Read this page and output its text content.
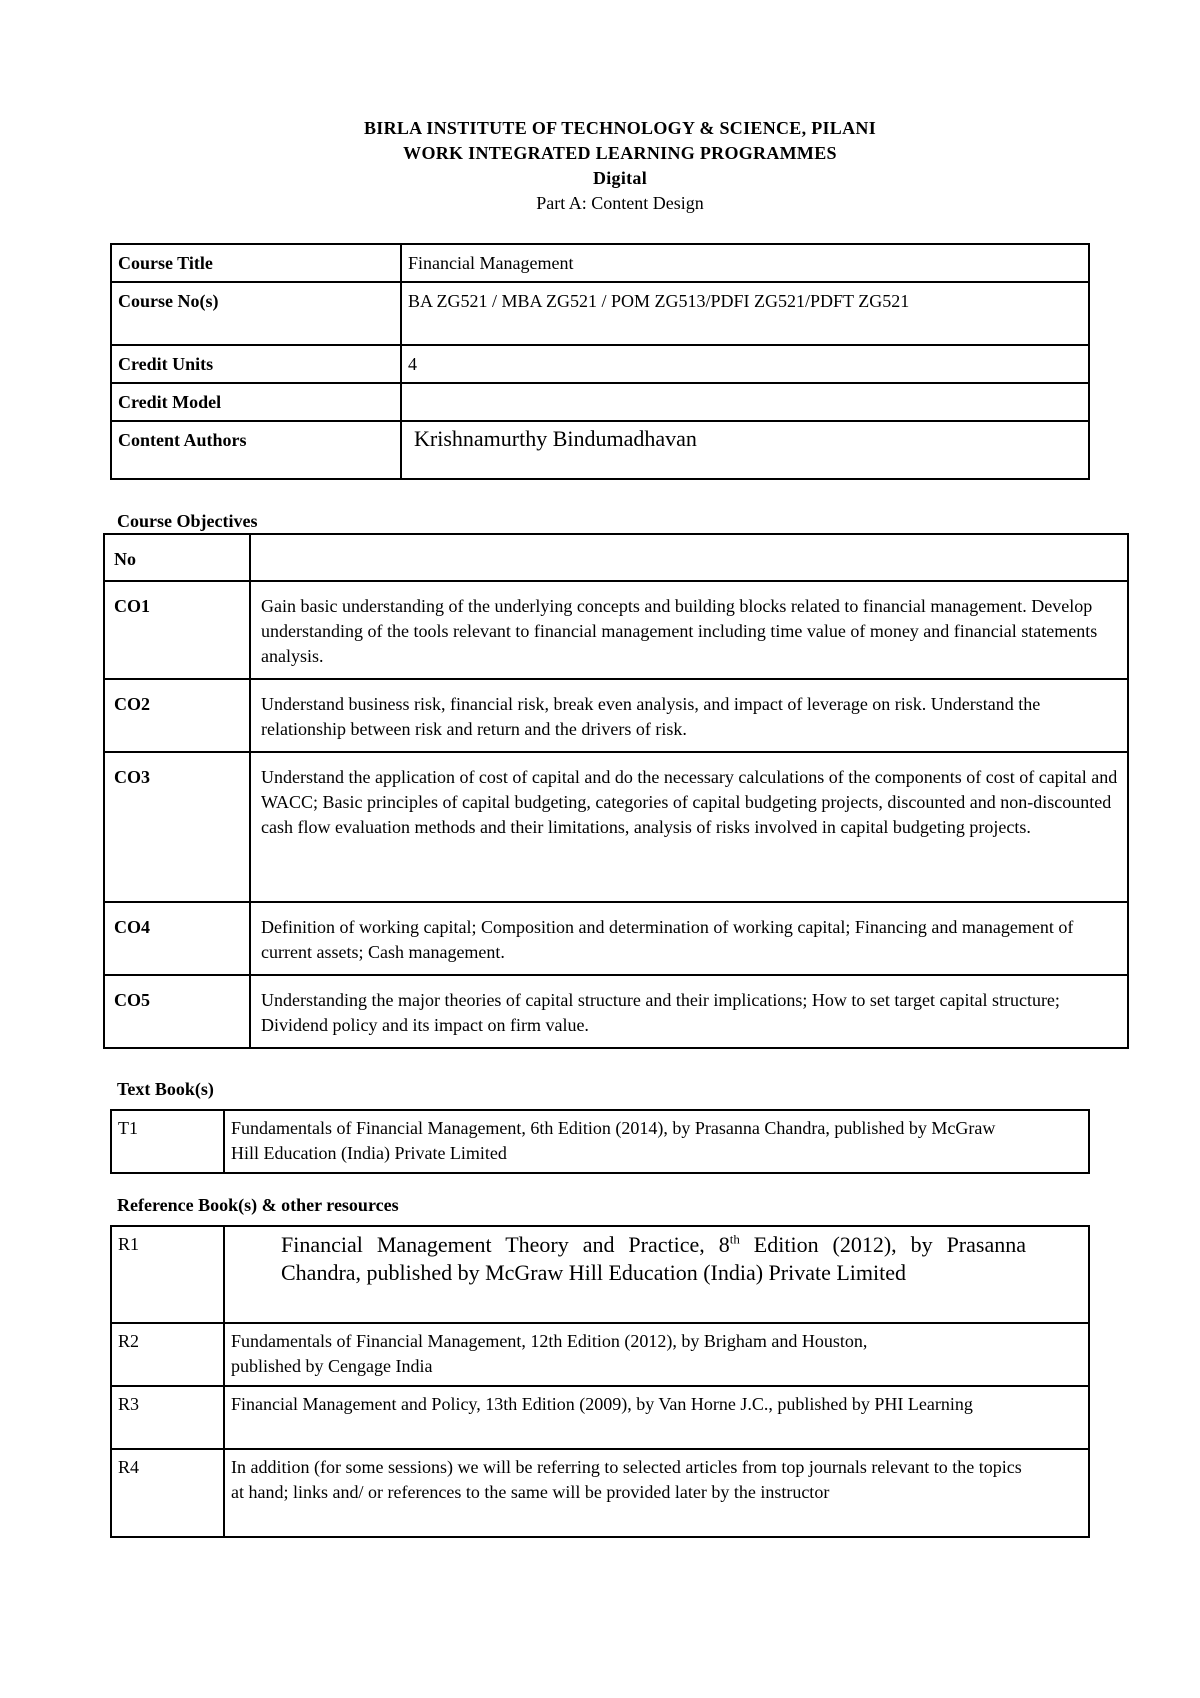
BIRLA INSTITUTE OF TECHNOLOGY & SCIENCE, PILANI
WORK INTEGRATED LEARNING PROGRAMMES
Digital
Part A: Content Design
Course Title	Financial Management
Course No(s)	BA ZG521 / MBA ZG521 / POM ZG513/PDFI ZG521/PDFT ZG521
Credit Units	4
Credit Model	
Content Authors	Krishnamurthy Bindumadhavan
Course Objectives
No	
CO1	Gain basic understanding of the underlying concepts and building blocks related to financial management. Develop understanding of the tools relevant to financial management including time value of money and financial statements analysis.
CO2	Understand business risk, financial risk, break even analysis, and impact of leverage on risk. Understand the relationship between risk and return and the drivers of risk.
CO3	Understand the application of cost of capital and do the necessary calculations of the components of cost of capital and WACC; Basic principles of capital budgeting, categories of capital budgeting projects, discounted and non-discounted cash flow evaluation methods and their limitations, analysis of risks involved in capital budgeting projects.
CO4	Definition of working capital; Composition and determination of working capital; Financing and management of current assets; Cash management.
CO5	Understanding the major theories of capital structure and their implications; How to set target capital structure; Dividend policy and its impact on firm value.
Text Book(s)
T1	Fundamentals of Financial Management, 6th Edition (2014), by Prasanna Chandra, published by McGraw Hill Education (India) Private Limited
Reference Book(s) & other resources
R1	Financial Management Theory and Practice, 8th Edition (2012), by Prasanna Chandra, published by McGraw Hill Education (India) Private Limited
R2	Fundamentals of Financial Management, 12th Edition (2012), by Brigham and Houston, published by Cengage India
R3	Financial Management and Policy, 13th Edition (2009), by Van Horne J.C., published by PHI Learning
R4	In addition (for some sessions) we will be referring to selected articles from top journals relevant to the topics at hand; links and/ or references to the same will be provided later by the instructor
